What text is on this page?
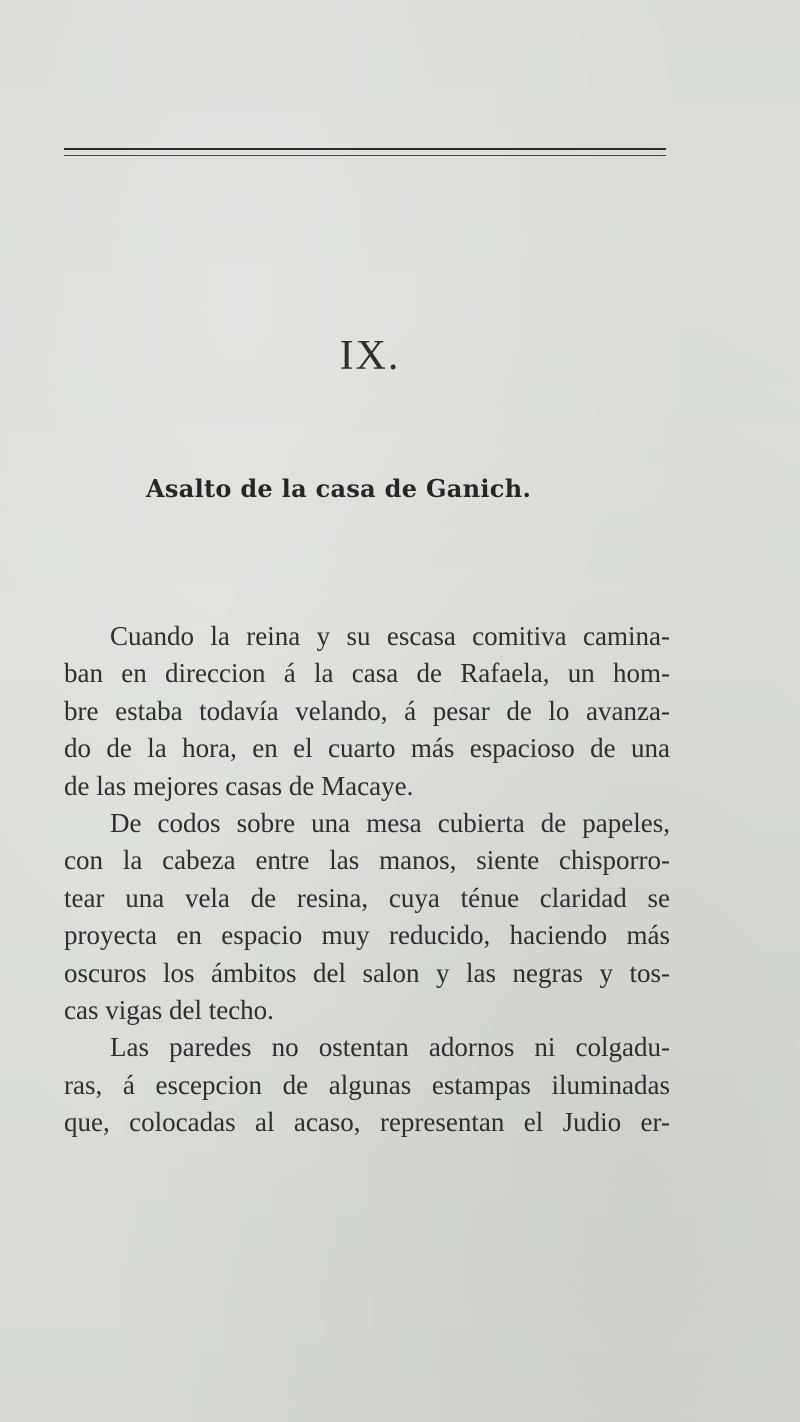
IX.
Asalto de la casa de Ganich.
Cuando la reina y su escasa comitiva camina-
ban en direccion á la casa de Rafaela, un hom-
bre estaba todavía velando, á pesar de lo avanza-
do de la hora, en el cuarto más espacioso de una
de las mejores casas de Macaye.
De codos sobre una mesa cubierta de papeles,
con la cabeza entre las manos, siente chisporro-
tear una vela de resina, cuya ténue claridad se
proyecta en espacio muy reducido, haciendo más
oscuros los ámbitos del salon y las negras y tos-
cas vigas del techo.
Las paredes no ostentan adornos ni colgadu-
ras, á escepcion de algunas estampas iluminadas
que, colocadas al acaso, representan el Judio er-
